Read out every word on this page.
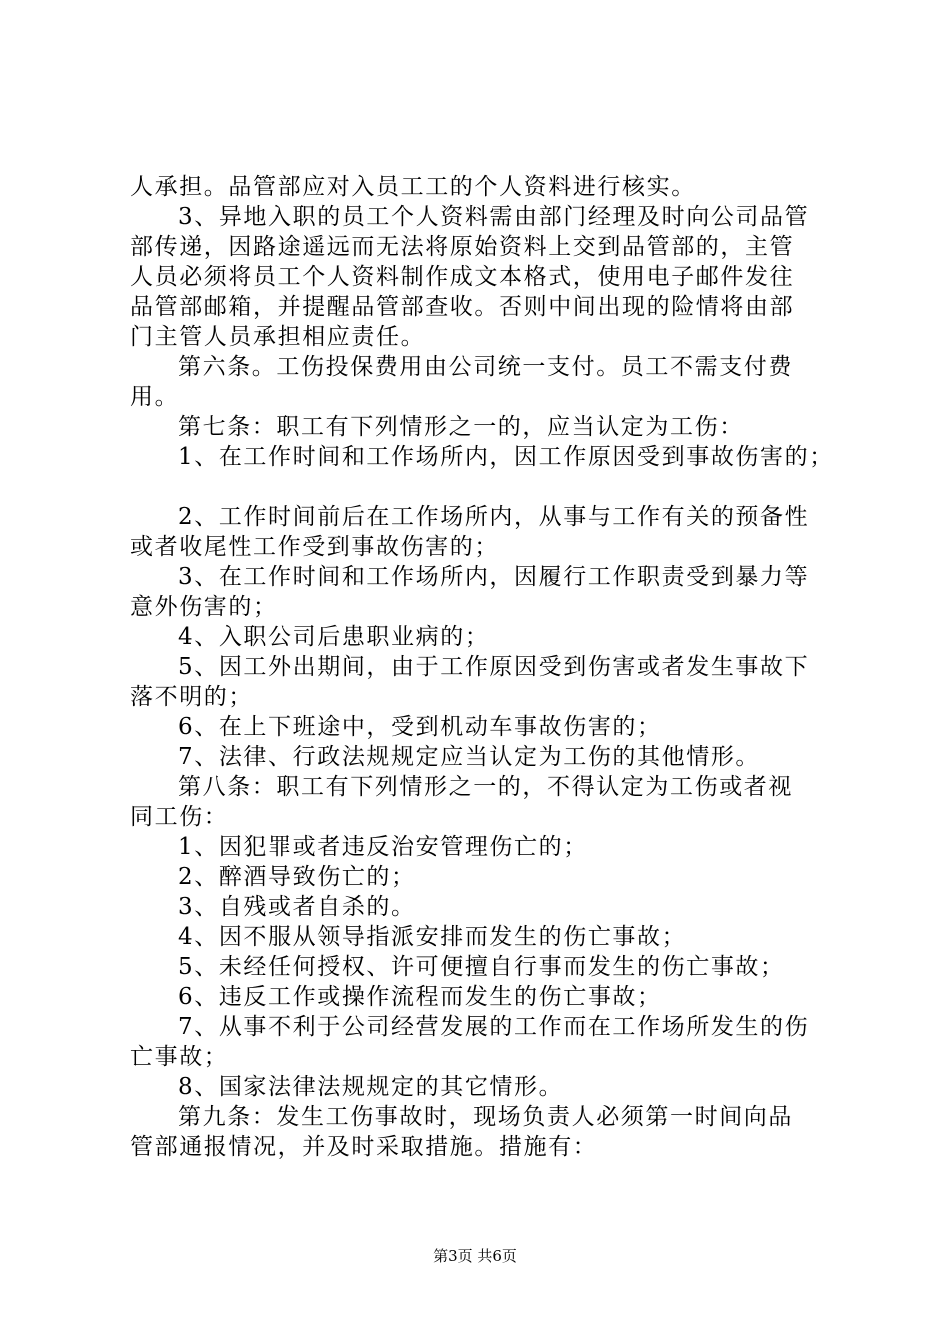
人承担。品管部应对入员工工的个人资料进行核实。

3、异地入职的员工个人资料需由部门经理及时向公司品管

部传递，因路途遥远而无法将原始资料上交到品管部的，主管

人员必须将员工个人资料制作成文本格式，使用电子邮件发往

品管部邮箱，并提醒品管部查收。否则中间出现的险情将由部

门主管人员承担相应责任。

第六条。工伤投保费用由公司统一支付。员工不需支付费

用。

第七条：职工有下列情形之一的，应当认定为工伤：

1、在工作时间和工作场所内，因工作原因受到事故伤害的；

2、工作时间前后在工作场所内，从事与工作有关的预备性

或者收尾性工作受到事故伤害的；

3、在工作时间和工作场所内，因履行工作职责受到暴力等

意外伤害的；

4、入职公司后患职业病的；

5、因工外出期间，由于工作原因受到伤害或者发生事故下

落不明的；

6、在上下班途中，受到机动车事故伤害的；

7、法律、行政法规规定应当认定为工伤的其他情形。

第八条：职工有下列情形之一的，不得认定为工伤或者视

同工伤：

1、因犯罪或者违反治安管理伤亡的；

2、醉酒导致伤亡的；

3、自残或者自杀的。

4、因不服从领导指派安排而发生的伤亡事故；

5、未经任何授权、许可便擅自行事而发生的伤亡事故；

6、违反工作或操作流程而发生的伤亡事故；

7、从事不利于公司经营发展的工作而在工作场所发生的伤

亡事故；

8、国家法律法规规定的其它情形。

第九条：发生工伤事故时，现场负责人必须第一时间向品

管部通报情况，并及时采取措施。措施有：

第3页 共6页
